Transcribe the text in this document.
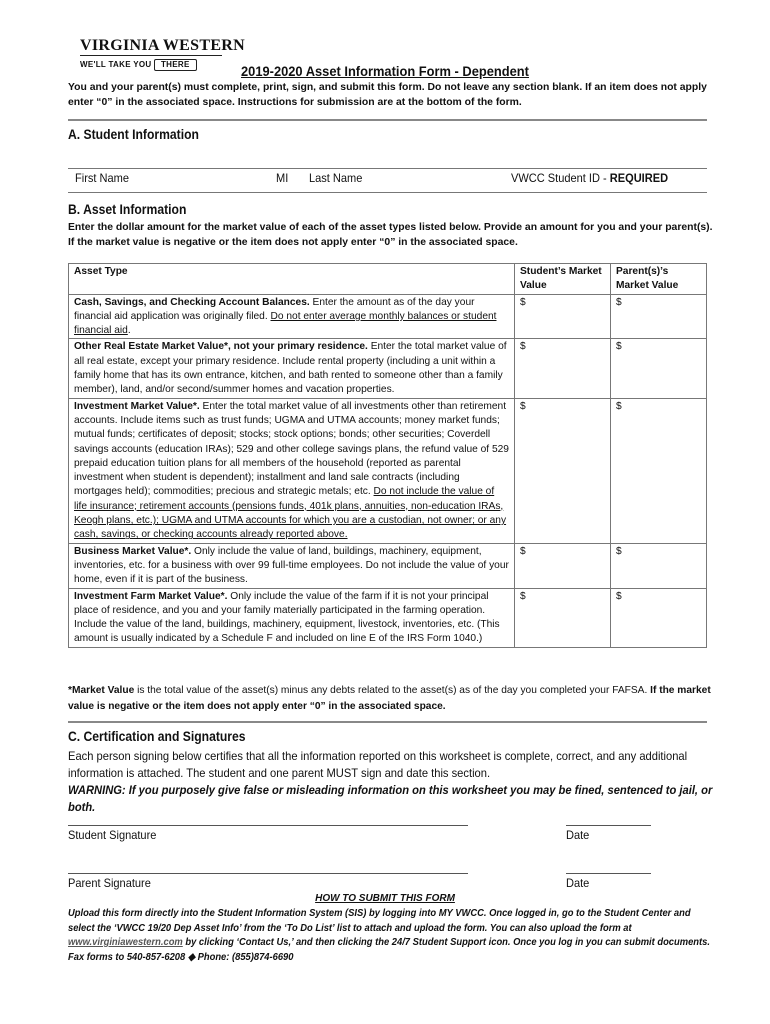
VIRGINIA WESTERN
WE'LL TAKE YOU THERE	2019-2020 Asset Information Form - Dependent
You and your parent(s) must complete, print, sign, and submit this form. Do not leave any section blank. If an item does not apply enter “0” in the associated space. Instructions for submission are at the bottom of the form.
A. Student Information
First Name	MI Last Name	VWCC Student ID - REQUIRED
B. Asset Information
Enter the dollar amount for the market value of each of the asset types listed below. Provide an amount for you and your parent(s). If the market value is negative or the item does not apply enter “0” in the associated space.
Asset Type	Student’s Market Value	Parent(s)’s Market Value
Cash, Savings, and Checking Account Balances. Enter the amount as of the day your financial aid application was originally filed. Do not enter average monthly balances or student financial aid.	$	$
Other Real Estate Market Value*, not your primary residence. Enter the total market value of all real estate, except your primary residence. Include rental property (including a unit within a family home that has its own entrance, kitchen, and bath rented to someone other than a family member), land, and/or second/summer homes and vacation properties.	$	$
Investment Market Value*. Enter the total market value of all investments other than retirement accounts. Include items such as trust funds; UGMA and UTMA accounts; money market funds; mutual funds; certificates of deposit; stocks; stock options; bonds; other securities; Coverdell savings accounts (education IRAs); 529 and other college savings plans, the refund value of 529 prepaid education tuition plans for all members of the household (reported as parental investment when student is dependent); installment and land sale contracts (including mortgages held); commodities; precious and strategic metals; etc. Do not include the value of life insurance; retirement accounts (pensions funds, 401k plans, annuities, non-education IRAs, Keogh plans, etc.); UGMA and UTMA accounts for which you are a custodian, not owner; or any cash, savings, or checking accounts already reported above.	$	$
Business Market Value*. Only include the value of land, buildings, machinery, equipment, inventories, etc. for a business with over 99 full-time employees. Do not include the value of your home, even if it is part of the business.	$	$
Investment Farm Market Value*. Only include the value of the farm if it is not your principal place of residence, and you and your family materially participated in the farming operation. Include the value of the land, buildings, machinery, equipment, livestock, inventories, etc. (This amount is usually indicated by a Schedule F and included on line E of the IRS Form 1040.)	$	$
*Market Value is the total value of the asset(s) minus any debts related to the asset(s) as of the day you completed your FAFSA. If the market value is negative or the item does not apply enter “0” in the associated space.
C. Certification and Signatures
Each person signing below certifies that all the information reported on this worksheet is complete, correct, and any additional information is attached. The student and one parent MUST sign and date this section.
WARNING: If you purposely give false or misleading information on this worksheet you may be fined, sentenced to jail, or both.
Student Signature	Date
Parent Signature	Date
HOW TO SUBMIT THIS FORM
Upload this form directly into the Student Information System (SIS) by logging into MY VWCC. Once logged in, go to the Student Center and select the ‘VWCC 19/20 Dep Asset Info’ from the ‘To Do List’ list to attach and upload the form. You can also upload the form at www.virginiawestern.com by clicking ‘Contact Us,’ and then clicking the 24/7 Student Support icon. Once you log in you can submit documents.
Fax forms to 540-857-6208 ◆ Phone: (855)874-6690
